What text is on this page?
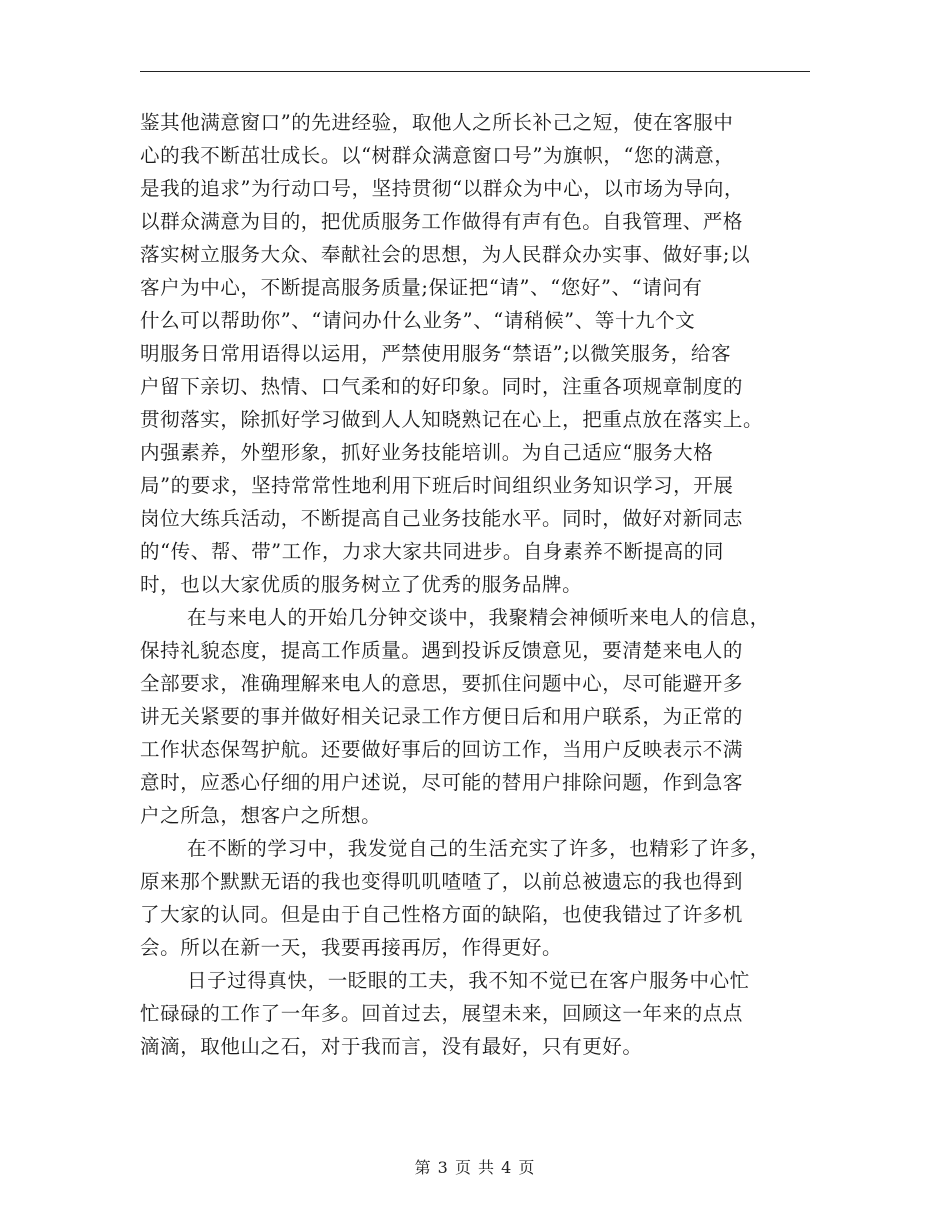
鉴其他满意窗口”的先进经验，取他人之所长补己之短，使在客服中
心的我不断茁壮成长。以“树群众满意窗口号”为旗帜，“您的满意，
是我的追求”为行动口号，坚持贯彻“以群众为中心，以市场为导向，
以群众满意为目的，把优质服务工作做得有声有色。自我管理、严格
落实树立服务大众、奉献社会的思想，为人民群众办实事、做好事;以
客户为中心，不断提高服务质量;保证把“请”、“您好”、“请问有
什么可以帮助你”、“请问办什么业务”、“请稍候”、等十九个文
明服务日常用语得以运用，严禁使用服务“禁语”;以微笑服务，给客
户留下亲切、热情、口气柔和的好印象。同时，注重各项规章制度的
贯彻落实，除抓好学习做到人人知晓熟记在心上，把重点放在落实上。
内强素养，外塑形象，抓好业务技能培训。为自己适应“服务大格
局”的要求，坚持常常性地利用下班后时间组织业务知识学习，开展
岗位大练兵活动，不断提高自己业务技能水平。同时，做好对新同志
的“传、帮、带”工作，力求大家共同进步。自身素养不断提高的同
时，也以大家优质的服务树立了优秀的服务品牌。
在与来电人的开始几分钟交谈中，我聚精会神倾听来电人的信息，
保持礼貌态度，提高工作质量。遇到投诉反馈意见，要清楚来电人的
全部要求，准确理解来电人的意思，要抓住问题中心，尽可能避开多
讲无关紧要的事并做好相关记录工作方便日后和用户联系，为正常的
工作状态保驾护航。还要做好事后的回访工作，当用户反映表示不满
意时，应悉心仔细的用户述说，尽可能的替用户排除问题，作到急客
户之所急，想客户之所想。
在不断的学习中，我发觉自己的生活充实了许多，也精彩了许多，
原来那个默默无语的我也变得叽叽喳喳了，以前总被遗忘的我也得到
了大家的认同。但是由于自己性格方面的缺陷，也使我错过了许多机
会。所以在新一天，我要再接再厉，作得更好。
日子过得真快，一眨眼的工夫，我不知不觉已在客户服务中心忙
忙碌碌的工作了一年多。回首过去，展望未来，回顾这一年来的点点
滴滴，取他山之石，对于我而言，没有最好，只有更好。
第 3 页 共 4 页
